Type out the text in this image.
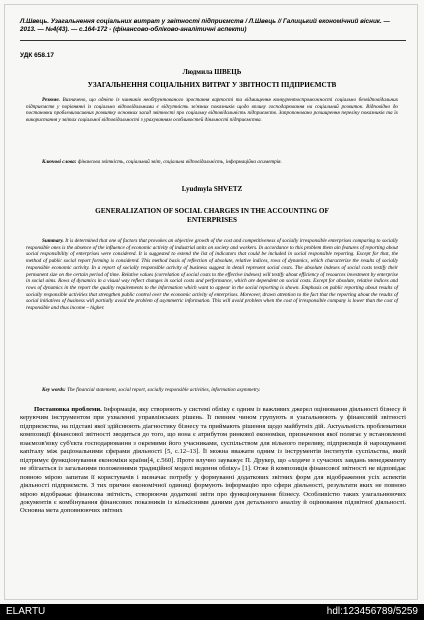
Л.Швець. Узагальнення соціальних витрат у звітності підприємств / Л.Швець // Галицький економічний вісник. — 2013. — №4(43). — с.164-172 - (фінансово-обліково-аналітичні аспекти)
УДК 658.17
Людмила ШВЕЦЬ
УЗАГАЛЬНЕННЯ СОЦІАЛЬНИХ ВИТРАТ У ЗВІТНОСТІ ПІДПРИЄМСТВ
Резюме. Визначено, що однією із чинників необґрунтованого зростання вартості та відмищення конкурентоспроможності соціально безвідповідальних підприємств у порівнянні із соціально відповідальними є відсутність зв'язних показників щодо впливу господарювання на соціальний розвиток. Відповідно до постановки проблемизасивних розвитку основних засад звітності про соціальну відповідальність підприємств. Запропоновано розширення переліку показників та їх використання у звітах соціальної відповідальності з урахуванням особливостей діяльності підприємства.
Ключові слова: фінансова звітність, соціальний звіт, соціальна відповідальність, інформаційна асиметрія.
Lyudmyla SHVETZ
GENERALIZATION OF SOCIAL CHARGES IN THE ACCOUNTING OF
ENTERPRISES
Summary. It is determined that one of factors that provokes an objective growth of the cost and competitiveness of socially irresponsible enterprises comparing to socially responsible ones is the absence of the influence of economic activity of industrial units on society and workers. In accordance to this problem them ain features of reporting about social responsibility of enterprises were considered. It is suggested to extend the list of indicators that could be included in social responsible reporting. Except for that, the method of public social report forming is considered. This method basis of reflection of absolute, relative indices, rows of dynamics, which characterize the results of socially responsible economic activity. In a report of socially responsible activity of business suggest in detail represent social costs. The absolute indexes of social costs testify their permanent size on the certain period of time. Relative values (correlation of social costs to the effective indexes) will testify about efficiency of resources investment by enterprise in social aims. Rows of dynamics in a visual way reflect changes in social costs and performance, which are dependent on social costs. Except for absolute, relative indices and rows of dynamics in the report the quality requirements to the information which want to appear in the social reporting is shown. Emphasis on public reporting about results of socially responsible activities that strengthen public control over the economic activity of enterprises. Moreover, drawn attention to the fact that the reporting about the results of social initiatives of business will partially avoid the problem of asymmetric information. This will avoid problem when the cost of irresponsible company is lower than the cost of responsible and thus income – higher.
Key words: The financial statement, social report, socially responsible activities, information asymmetry.
Постановка проблеми. Інформація, яку створюють у системі обліку є одним із важливих джерел оцінювання діяльності бізнесу й керуючим інструментом при ухваленні управлінських рішень. Її певним чином групують в узагальнюють у фінансовій звітності підприємства, на підставі якої здійснюють діагностику бізнесу та приймають рішення щодо майбутніх дій. Актуальність проблематики композиції фінансової звітності зводиться до того, що вона є атрибутом ринкової економіки, призначення якої полягає у встановленні взаємозв'язку суб'єкта господарювання з окремими його учасниками, суспільством для вільного переливу, підприємців й нарощуванні капіталу між раціональними сферами діяльності [5, с.12–13]. Її можна вважати одним із інструментів інститутів суспільства, який підтримує функціонування економіки країни[4, с.560]. Проте влучно зауважує П. Друкер, що «ходяче з сучасних завдань менеджменту не збігається із загальними положеннями традиційної моделі ведення обліку» [1]. Отже й композиція фінансової звітності не відповідає повною мірою запитам її користувачів і визначає потребу у формуванні додаткових звітних форм для відображення усіх аспектів діяльності підприємств. З тих причин економічної одиниці формують інформацію про сфери діяльності, результати яких не повною мірою відображає фінансова звітність, створюючи додаткові звіти про функціонування бізнесу. Особливістю таких узагальнюючих документів є комбінування фінансових показників із кількісними даними для детального аналізу й оцінювання підзвітної діяльності. Основна мета доповнюючих звітних
ELARTU	hdl:123456789/5259
